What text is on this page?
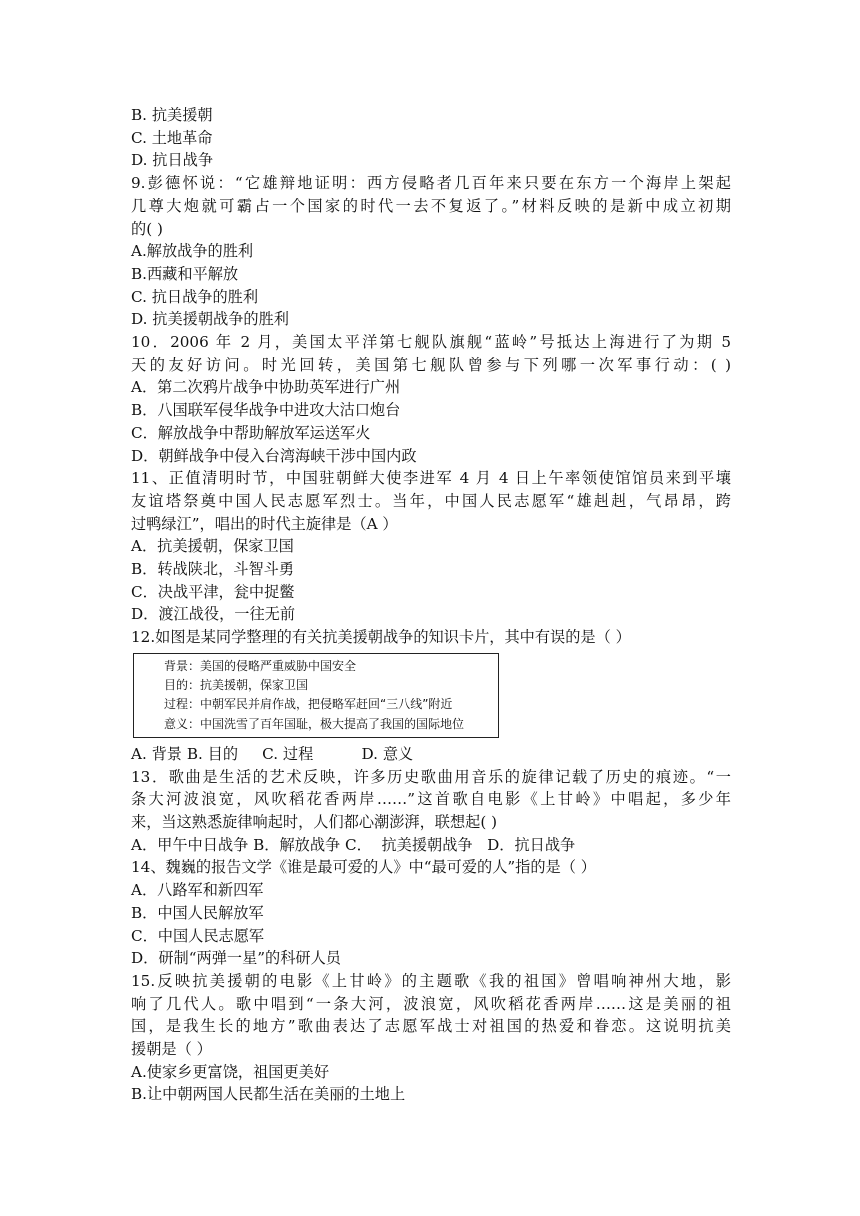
B. 抗美援朝
C. 土地革命
D. 抗日战争
9.彭德怀说：“它雄辩地证明：西方侵略者几百年来只要在东方一个海岸上架起
几尊大炮就可霸占一个国家的时代一去不复返了。”材料反映的是新中成立初期
的( )
A.解放战争的胜利
B.西藏和平解放
C. 抗日战争的胜利
D. 抗美援朝战争的胜利
10．2006 年 2 月，美国太平洋第七舰队旗舰“蓝岭”号抵达上海进行了为期 5
天的友好访问。时光回转，美国第七舰队曾参与下列哪一次军事行动：( )
A．第二次鸦片战争中协助英军进行广州
B．八国联军侵华战争中进攻大沽口炮台
C．解放战争中帮助解放军运送军火
D．朝鲜战争中侵入台湾海峡干涉中国内政
11、正值清明时节，中国驻朝鲜大使李进军 4 月 4 日上午率领使馆馆员来到平壤
友谊塔祭奠中国人民志愿军烈士。当年，中国人民志愿军“雄赳赳，气昂昂，跨
过鸭绿江”，唱出的时代主旋律是（A ）
A．抗美援朝，保家卫国
B．转战陕北，斗智斗勇
C．决战平津，瓮中捉鳖
D．渡江战役，一往无前
12.如图是某同学整理的有关抗美援朝战争的知识卡片，其中有误的是（ ）
背景：美国的侵略严重威胁中国安全
目的：抗美援朝，保家卫国
过程：中朝军民并肩作战，把侵略军赶回“三八线”附近
意义：中国洗雪了百年国耻，极大提高了我国的国际地位
A. 背景 B. 目的     C. 过程          D. 意义
13．歌曲是生活的艺术反映，许多历史歌曲用音乐的旋律记载了历史的痕迹。“一
条大河波浪宽，风吹稻花香两岸……”这首歌自电影《上甘岭》中唱起，多少年
来，当这熟悉旋律响起时，人们都心潮澎湃，联想起( )
A．甲午中日战争 B．解放战争 C．  抗美援朝战争   D．抗日战争
14、魏巍的报告文学《谁是最可爱的人》中“最可爱的人”指的是（ ）
A．八路军和新四军
B．中国人民解放军
C．中国人民志愿军
D．研制“两弹一星”的科研人员
15.反映抗美援朝的电影《上甘岭》的主题歌《我的祖国》曾唱响神州大地，影
响了几代人。歌中唱到“一条大河，波浪宽，风吹稻花香两岸……这是美丽的祖
国，是我生长的地方”歌曲表达了志愿军战士对祖国的热爱和眷恋。这说明抗美
援朝是（ ）
A.使家乡更富饶，祖国更美好
B.让中朝两国人民都生活在美丽的土地上
